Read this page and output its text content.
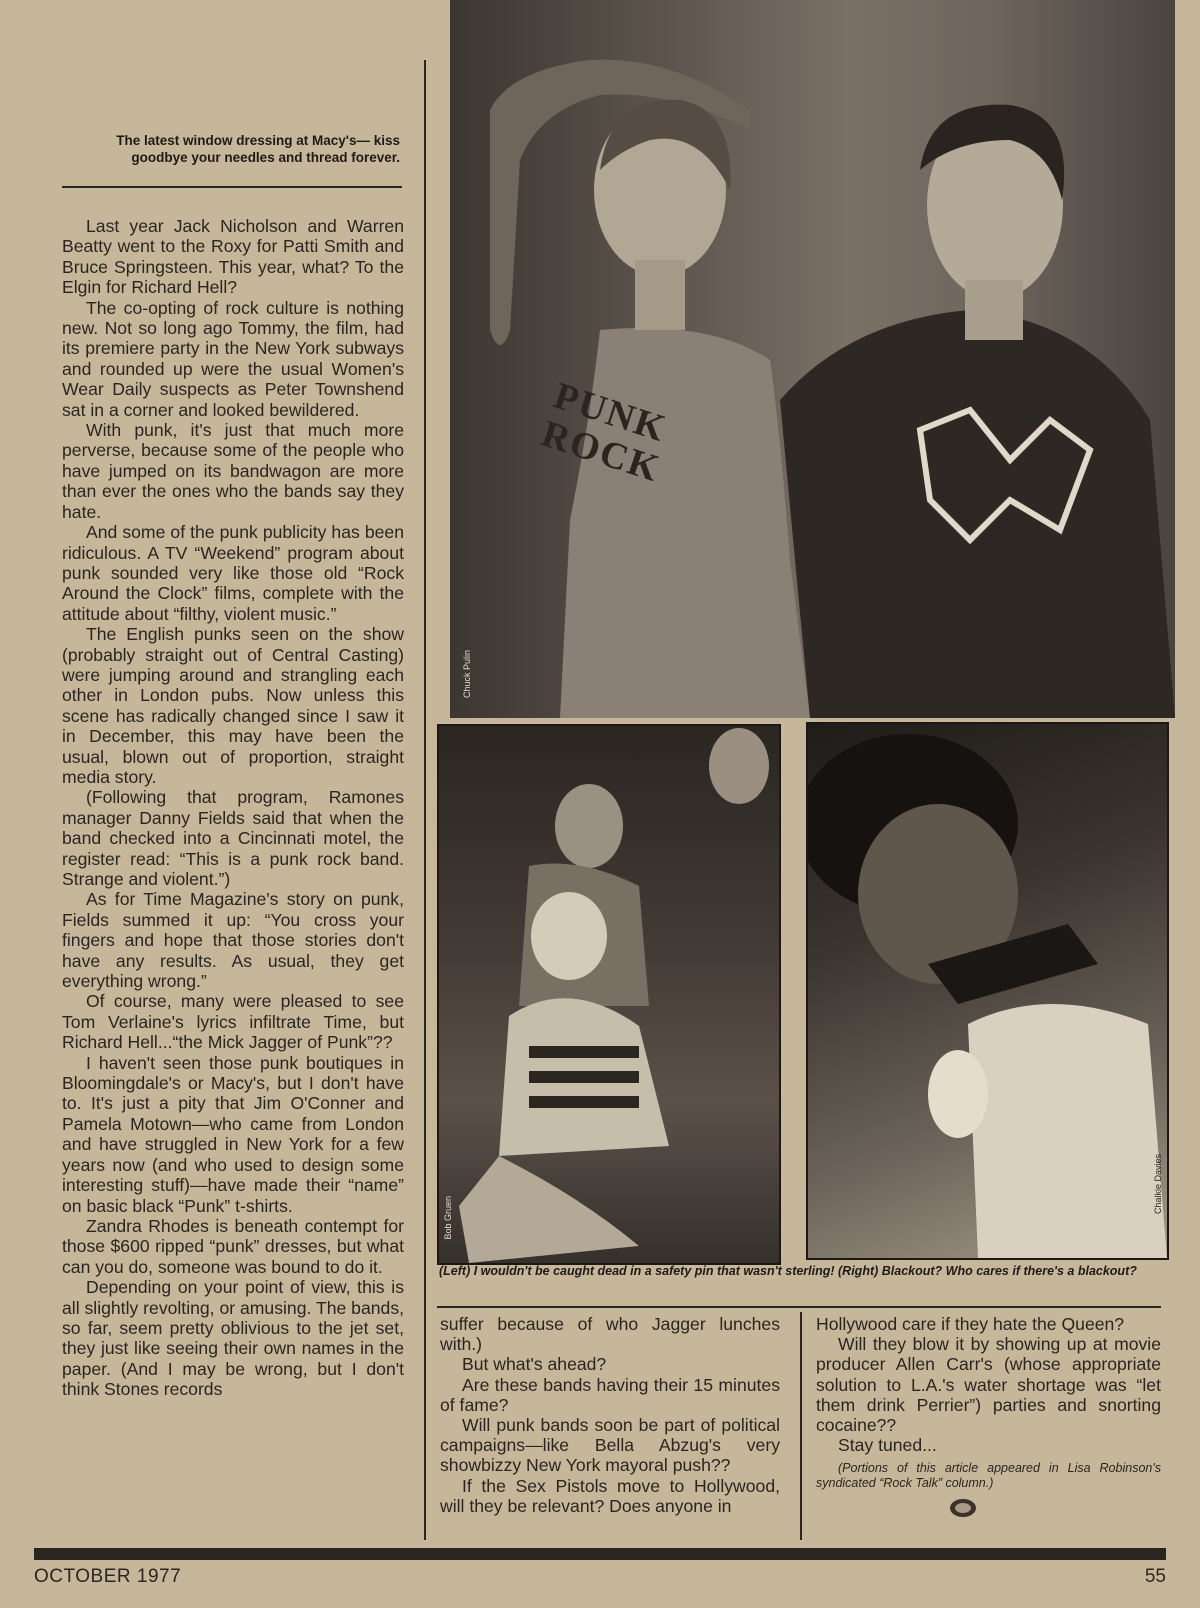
The latest window dressing at Macy's— kiss goodbye your needles and thread forever.

Last year Jack Nicholson and Warren Beatty went to the Roxy for Patti Smith and Bruce Springsteen. This year, what? To the Elgin for Richard Hell?

The co-opting of rock culture is nothing new. Not so long ago Tommy, the film, had its premiere party in the New York subways and rounded up were the usual Women's Wear Daily suspects as Peter Townshend sat in a corner and looked bewildered.

With punk, it's just that much more perverse, because some of the people who have jumped on its bandwagon are more than ever the ones who the bands say they hate.

And some of the punk publicity has been ridiculous. A TV “Weekend” program about punk sounded very like those old “Rock Around the Clock” films, complete with the attitude about “filthy, violent music.”

The English punks seen on the show (probably straight out of Central Casting) were jumping around and strangling each other in London pubs. Now unless this scene has radically changed since I saw it in December, this may have been the usual, blown out of proportion, straight media story.

(Following that program, Ramones manager Danny Fields said that when the band checked into a Cincinnati motel, the register read: “This is a punk rock band. Strange and violent.”)

As for Time Magazine's story on punk, Fields summed it up: “You cross your fingers and hope that those stories don't have any results. As usual, they get everything wrong.”

Of course, many were pleased to see Tom Verlaine's lyrics infiltrate Time, but Richard Hell...“the Mick Jagger of Punk”??

I haven't seen those punk boutiques in Bloomingdale's or Macy's, but I don't have to. It's just a pity that Jim O'Conner and Pamela Motown—who came from London and have struggled in New York for a few years now (and who used to design some interesting stuff)—have made their “name” on basic black “Punk” t-shirts.

Zandra Rhodes is beneath contempt for those $600 ripped “punk” dresses, but what can you do, someone was bound to do it.

Depending on your point of view, this is all slightly revolting, or amusing. The bands, so far, seem pretty oblivious to the jet set, they just like seeing their own names in the paper. (And I may be wrong, but I don't think Stones records

PUNK ROCK
Chuck Pulin
Bob Gruen
Chalkie Davies
(Left) I wouldn't be caught dead in a safety pin that wasn't sterling! (Right) Blackout? Who cares if there's a blackout?

suffer because of who Jagger lunches with.)

But what's ahead?

Are these bands having their 15 minutes of fame?

Will punk bands soon be part of political campaigns—like Bella Abzug's very showbizzy New York mayoral push??

If the Sex Pistols move to Hollywood, will they be relevant? Does anyone in

Hollywood care if they hate the Queen?

Will they blow it by showing up at movie producer Allen Carr's (whose appropriate solution to L.A.'s water shortage was “let them drink Perrier”) parties and snorting cocaine??

Stay tuned...

(Portions of this article appeared in Lisa Robinson's syndicated “Rock Talk” column.)

OCTOBER 1977	55
